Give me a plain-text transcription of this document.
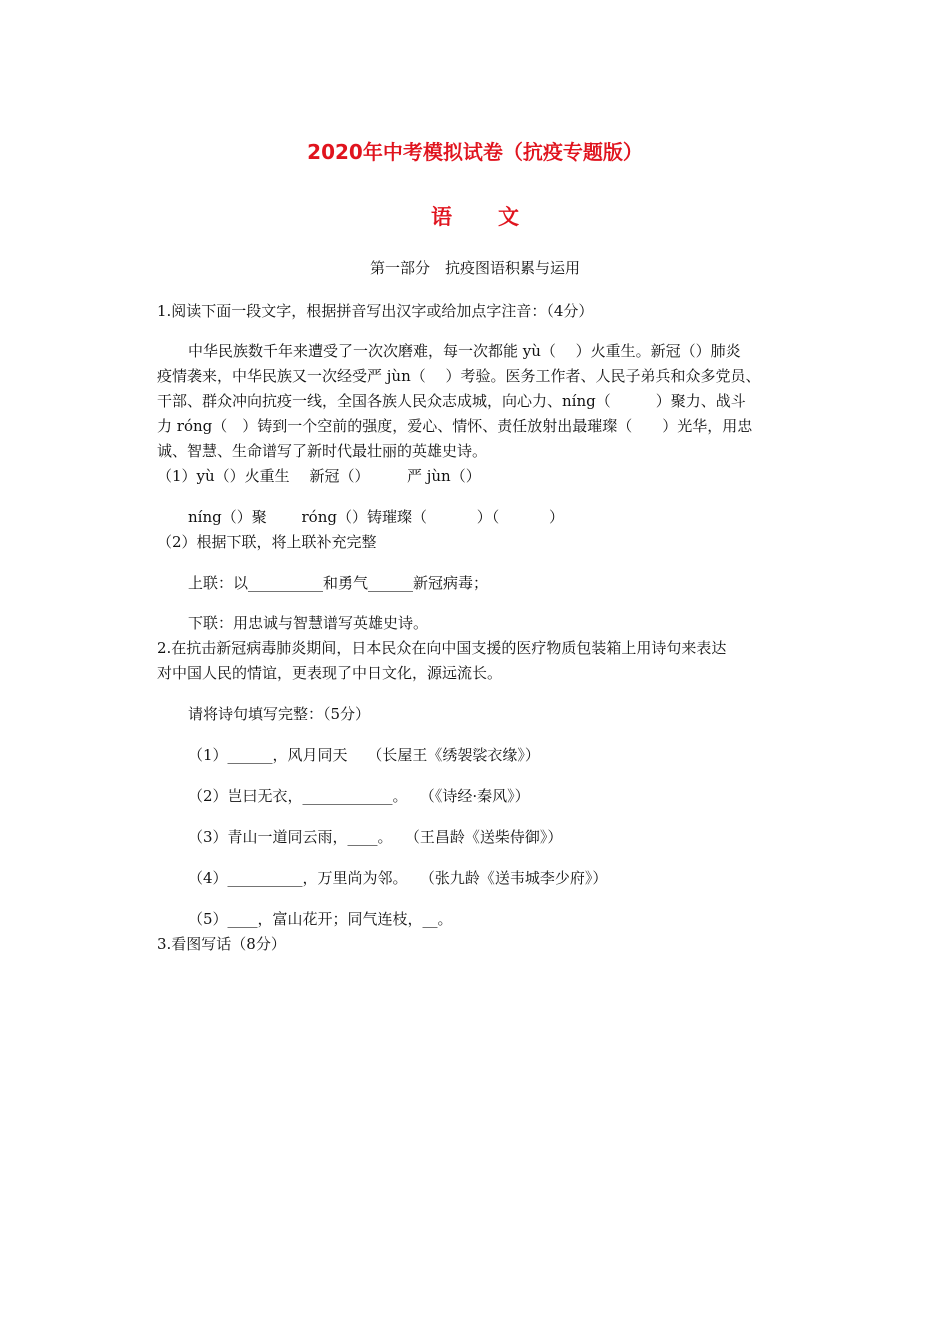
2020年中考模拟试卷（抗疫专题版）
语 文
第一部分　抗疫图语积累与运用
1.阅读下面一段文字，根据拼音写出汉字或给加点字注音：（4分）
中华民族数千年来遭受了一次次磨难，每一次都能 yù（　 ）火重生。新冠（）肺炎
疫情袭来，中华民族又一次经受严 jùn（　 ）考验。医务工作者、人民子弟兵和众多党员、
干部、群众冲向抗疫一线，全国各族人民众志成城，向心力、níng（　　　）聚力、战斗
力 róng（　）铸到一个空前的强度，爱心、情怀、责任放射出最璀璨（　　）光华，用忠
诚、智慧、生命谱写了新时代最壮丽的英雄史诗。
（1）yù（）火重生　 新冠（）　　　严 jùn（）
níng（）聚　　 róng（）铸璀璨（　　　 ）（　　　 ）
（2）根据下联，将上联补充完整
上联：以__________和勇气______新冠病毒；
下联：用忠诚与智慧谱写英雄史诗。
2.在抗击新冠病毒肺炎期间，日本民众在向中国支援的医疗物质包装箱上用诗句来表达
对中国人民的情谊，更表现了中日文化，源远流长。
请将诗句填写完整：（5分）
（1）______，风月同天　 （长屋王《绣袈裟衣缘》）
（2）岂曰无衣，____________。　 （《诗经·秦风》）
（3）青山一道同云雨，____。　 （王昌龄《送柴侍御》）
（4）__________，万里尚为邻。　 （张九龄《送韦城李少府》）
（5）____，富山花开；同气连枝，__。
3.看图写话（8分）
